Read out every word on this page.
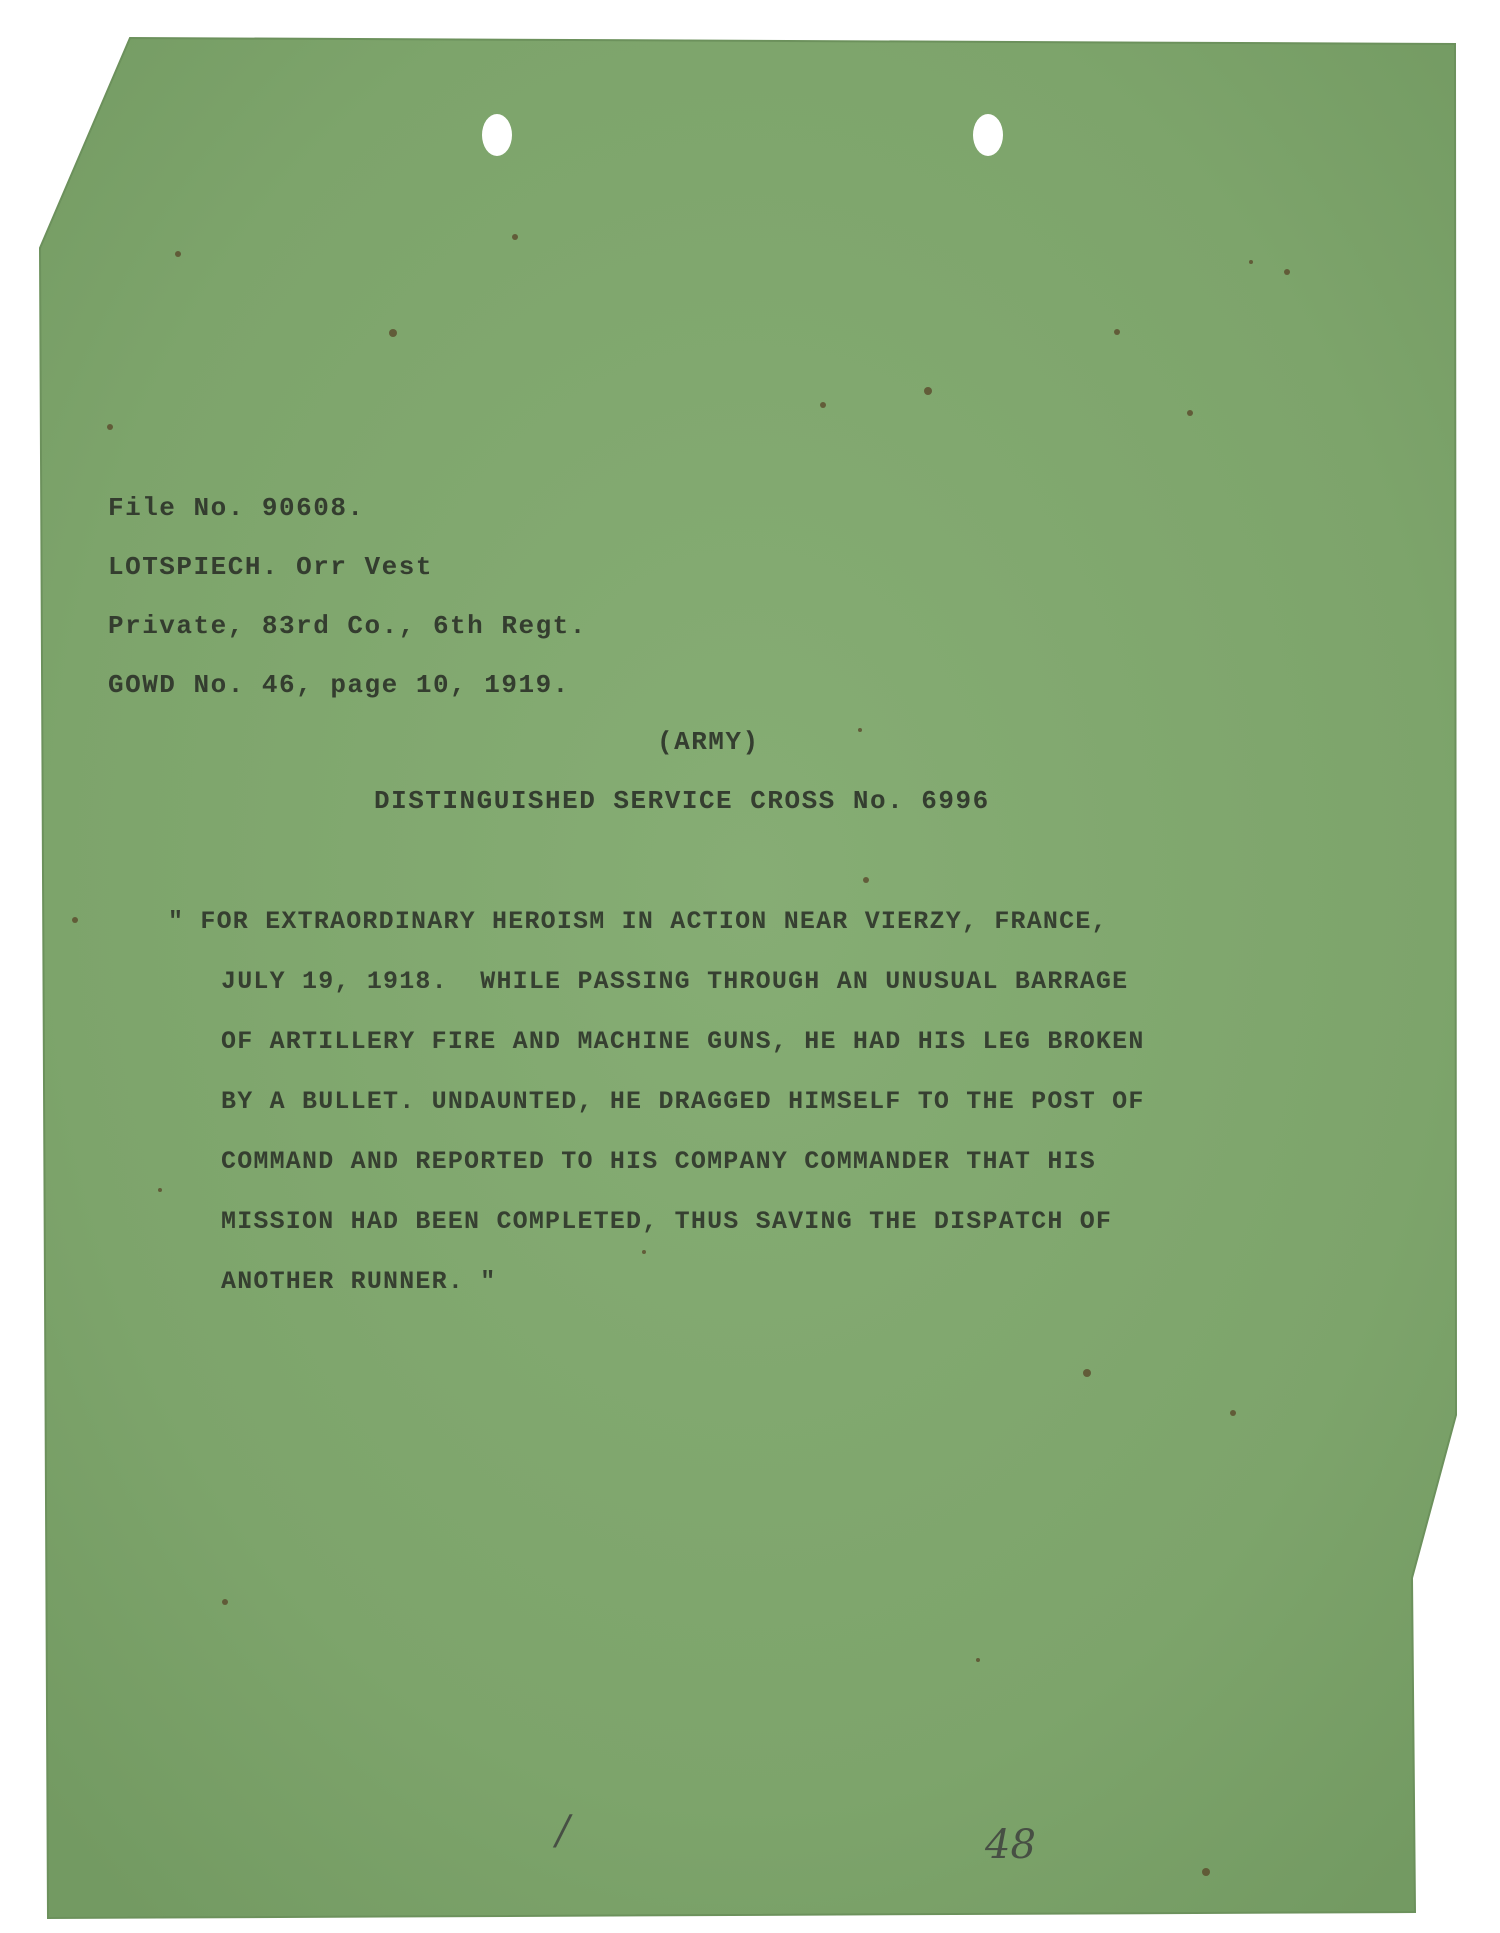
File No. 90608.
LOTSPIECH. Orr Vest
Private, 83rd Co., 6th Regt.
GOWD No. 46, page 10, 1919.
(ARMY)
DISTINGUISHED SERVICE CROSS No. 6996
" FOR EXTRAORDINARY HEROISM IN ACTION NEAR VIERZY, FRANCE,
JULY 19, 1918.  WHILE PASSING THROUGH AN UNUSUAL BARRAGE
OF ARTILLERY FIRE AND MACHINE GUNS, HE HAD HIS LEG BROKEN
BY A BULLET. UNDAUNTED, HE DRAGGED HIMSELF TO THE POST OF
COMMAND AND REPORTED TO HIS COMPANY COMMANDER THAT HIS
MISSION HAD BEEN COMPLETED, THUS SAVING THE DISPATCH OF
ANOTHER RUNNER. "
/	48
